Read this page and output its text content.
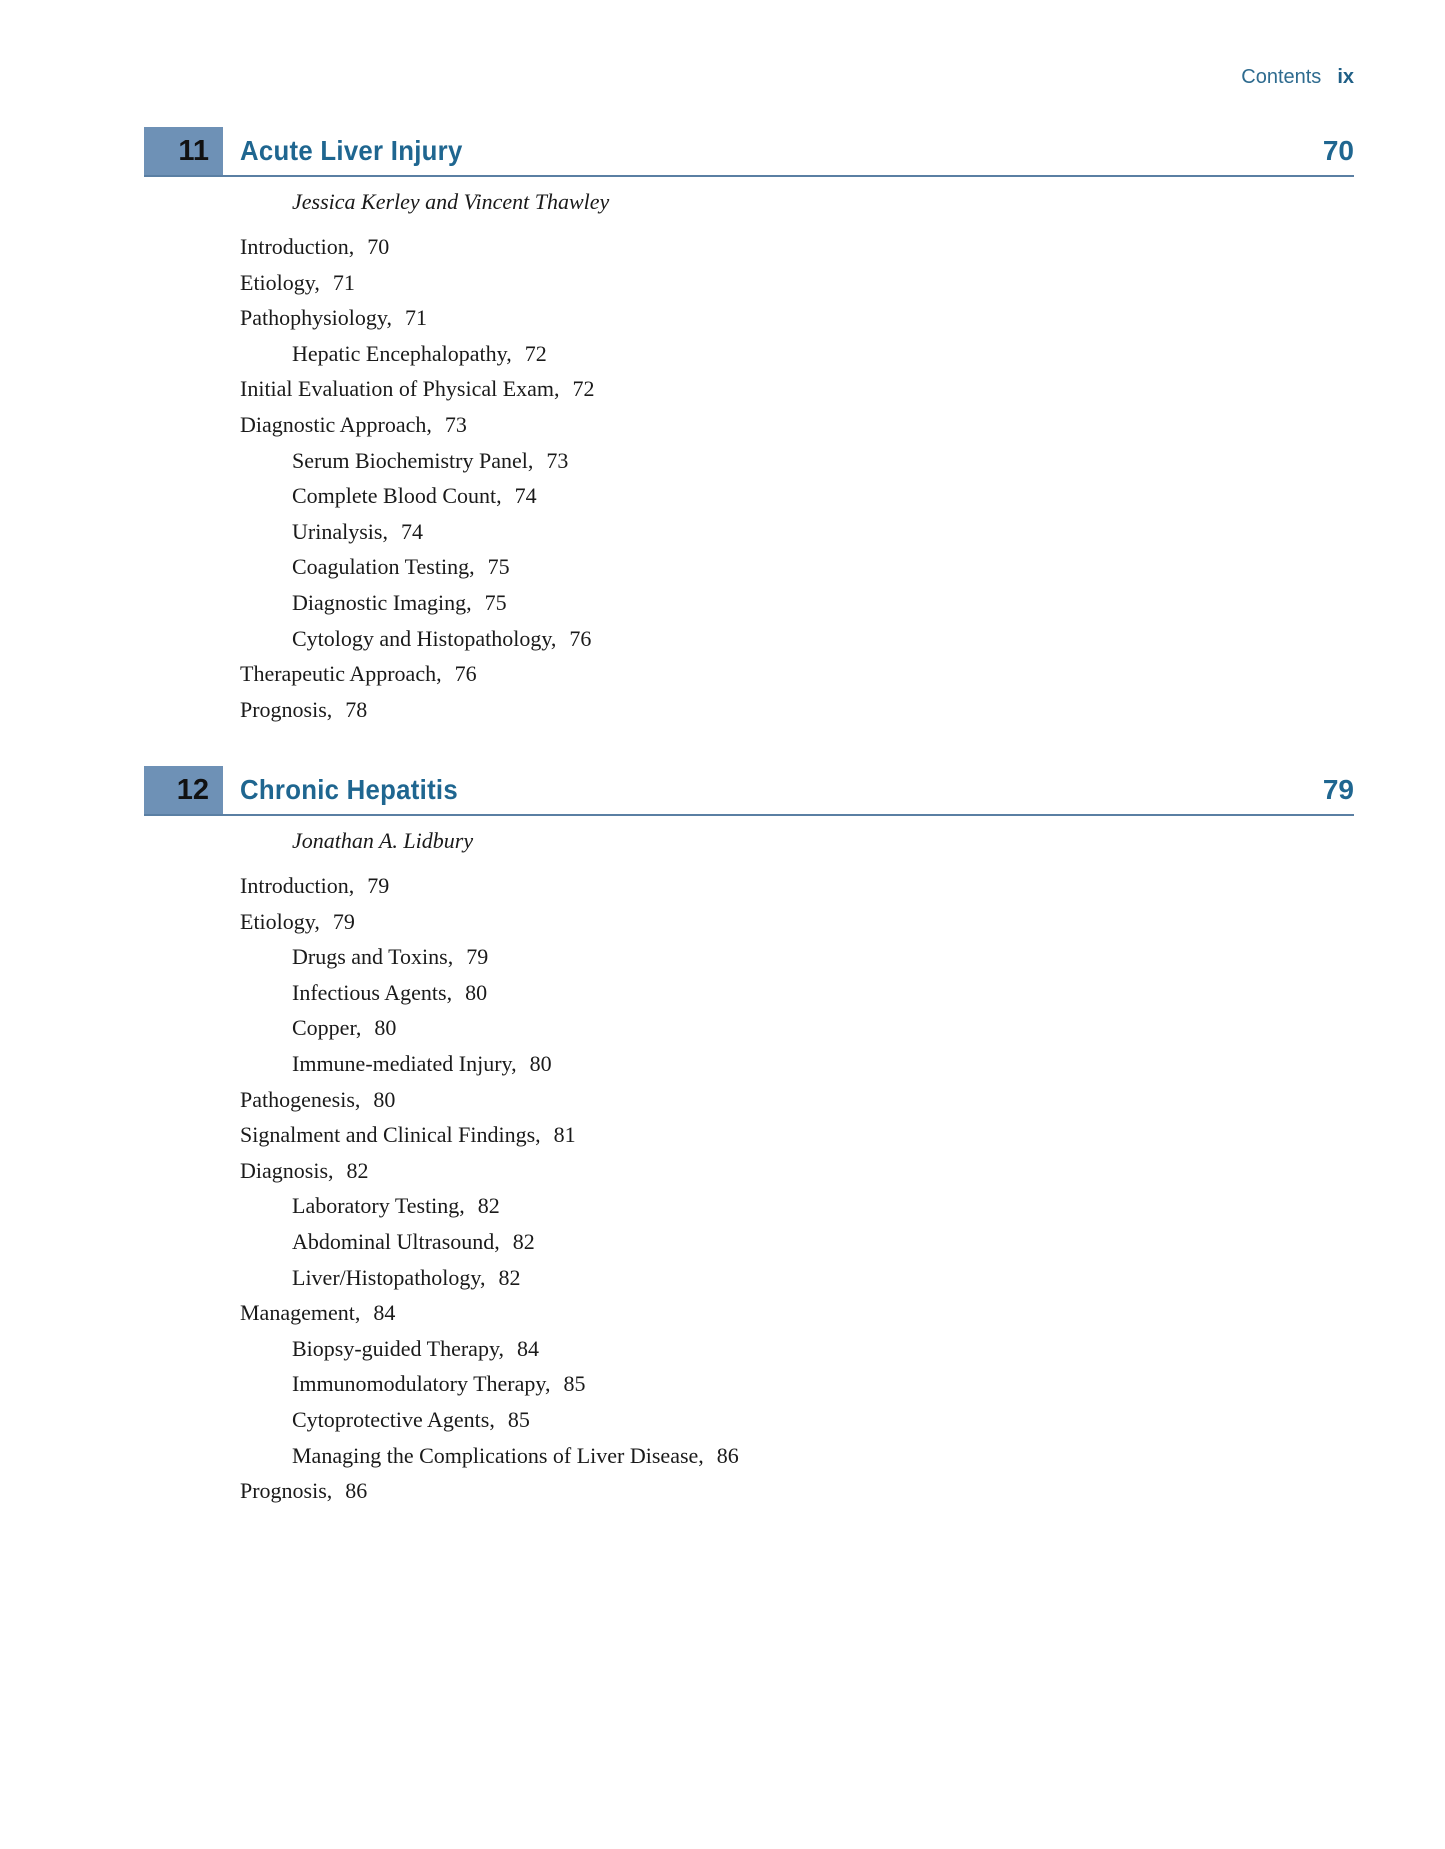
Contents ix
11	Acute Liver Injury	70
Jessica Kerley and Vincent Thawley
Introduction, 70
Etiology, 71
Pathophysiology, 71
Hepatic Encephalopathy, 72
Initial Evaluation of Physical Exam, 72
Diagnostic Approach, 73
Serum Biochemistry Panel, 73
Complete Blood Count, 74
Urinalysis, 74
Coagulation Testing, 75
Diagnostic Imaging, 75
Cytology and Histopathology, 76
Therapeutic Approach, 76
Prognosis, 78
12	Chronic Hepatitis	79
Jonathan A. Lidbury
Introduction, 79
Etiology, 79
Drugs and Toxins, 79
Infectious Agents, 80
Copper, 80
Immune-mediated Injury, 80
Pathogenesis, 80
Signalment and Clinical Findings, 81
Diagnosis, 82
Laboratory Testing, 82
Abdominal Ultrasound, 82
Liver/Histopathology, 82
Management, 84
Biopsy-guided Therapy, 84
Immunomodulatory Therapy, 85
Cytoprotective Agents, 85
Managing the Complications of Liver Disease, 86
Prognosis, 86
